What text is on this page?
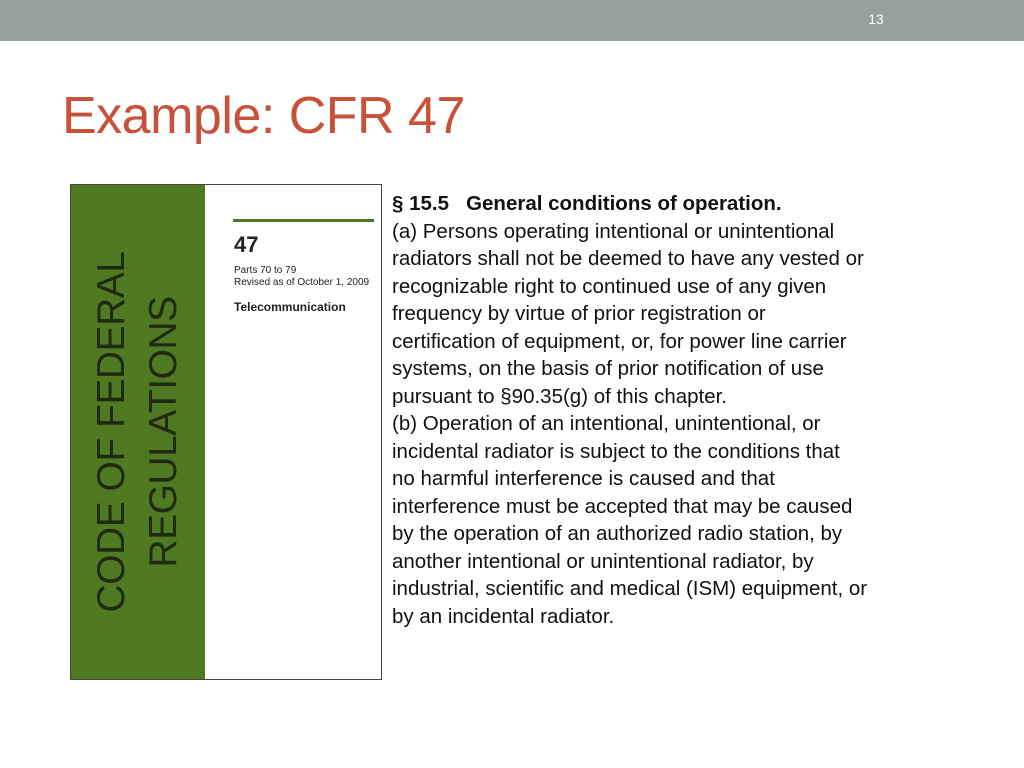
13
Example: CFR 47
CODE OF FEDERAL REGULATIONS
47
Parts 70 to 79
Revised as of October 1, 2009
Telecommunication
§ 15.5   General conditions of operation.
(a) Persons operating intentional or unintentional
radiators shall not be deemed to have any vested or
recognizable right to continued use of any given
frequency by virtue of prior registration or
certification of equipment, or, for power line carrier
systems, on the basis of prior notification of use
pursuant to §90.35(g) of this chapter.
(b) Operation of an intentional, unintentional, or
incidental radiator is subject to the conditions that
no harmful interference is caused and that
interference must be accepted that may be caused
by the operation of an authorized radio station, by
another intentional or unintentional radiator, by
industrial, scientific and medical (ISM) equipment, or
by an incidental radiator.
